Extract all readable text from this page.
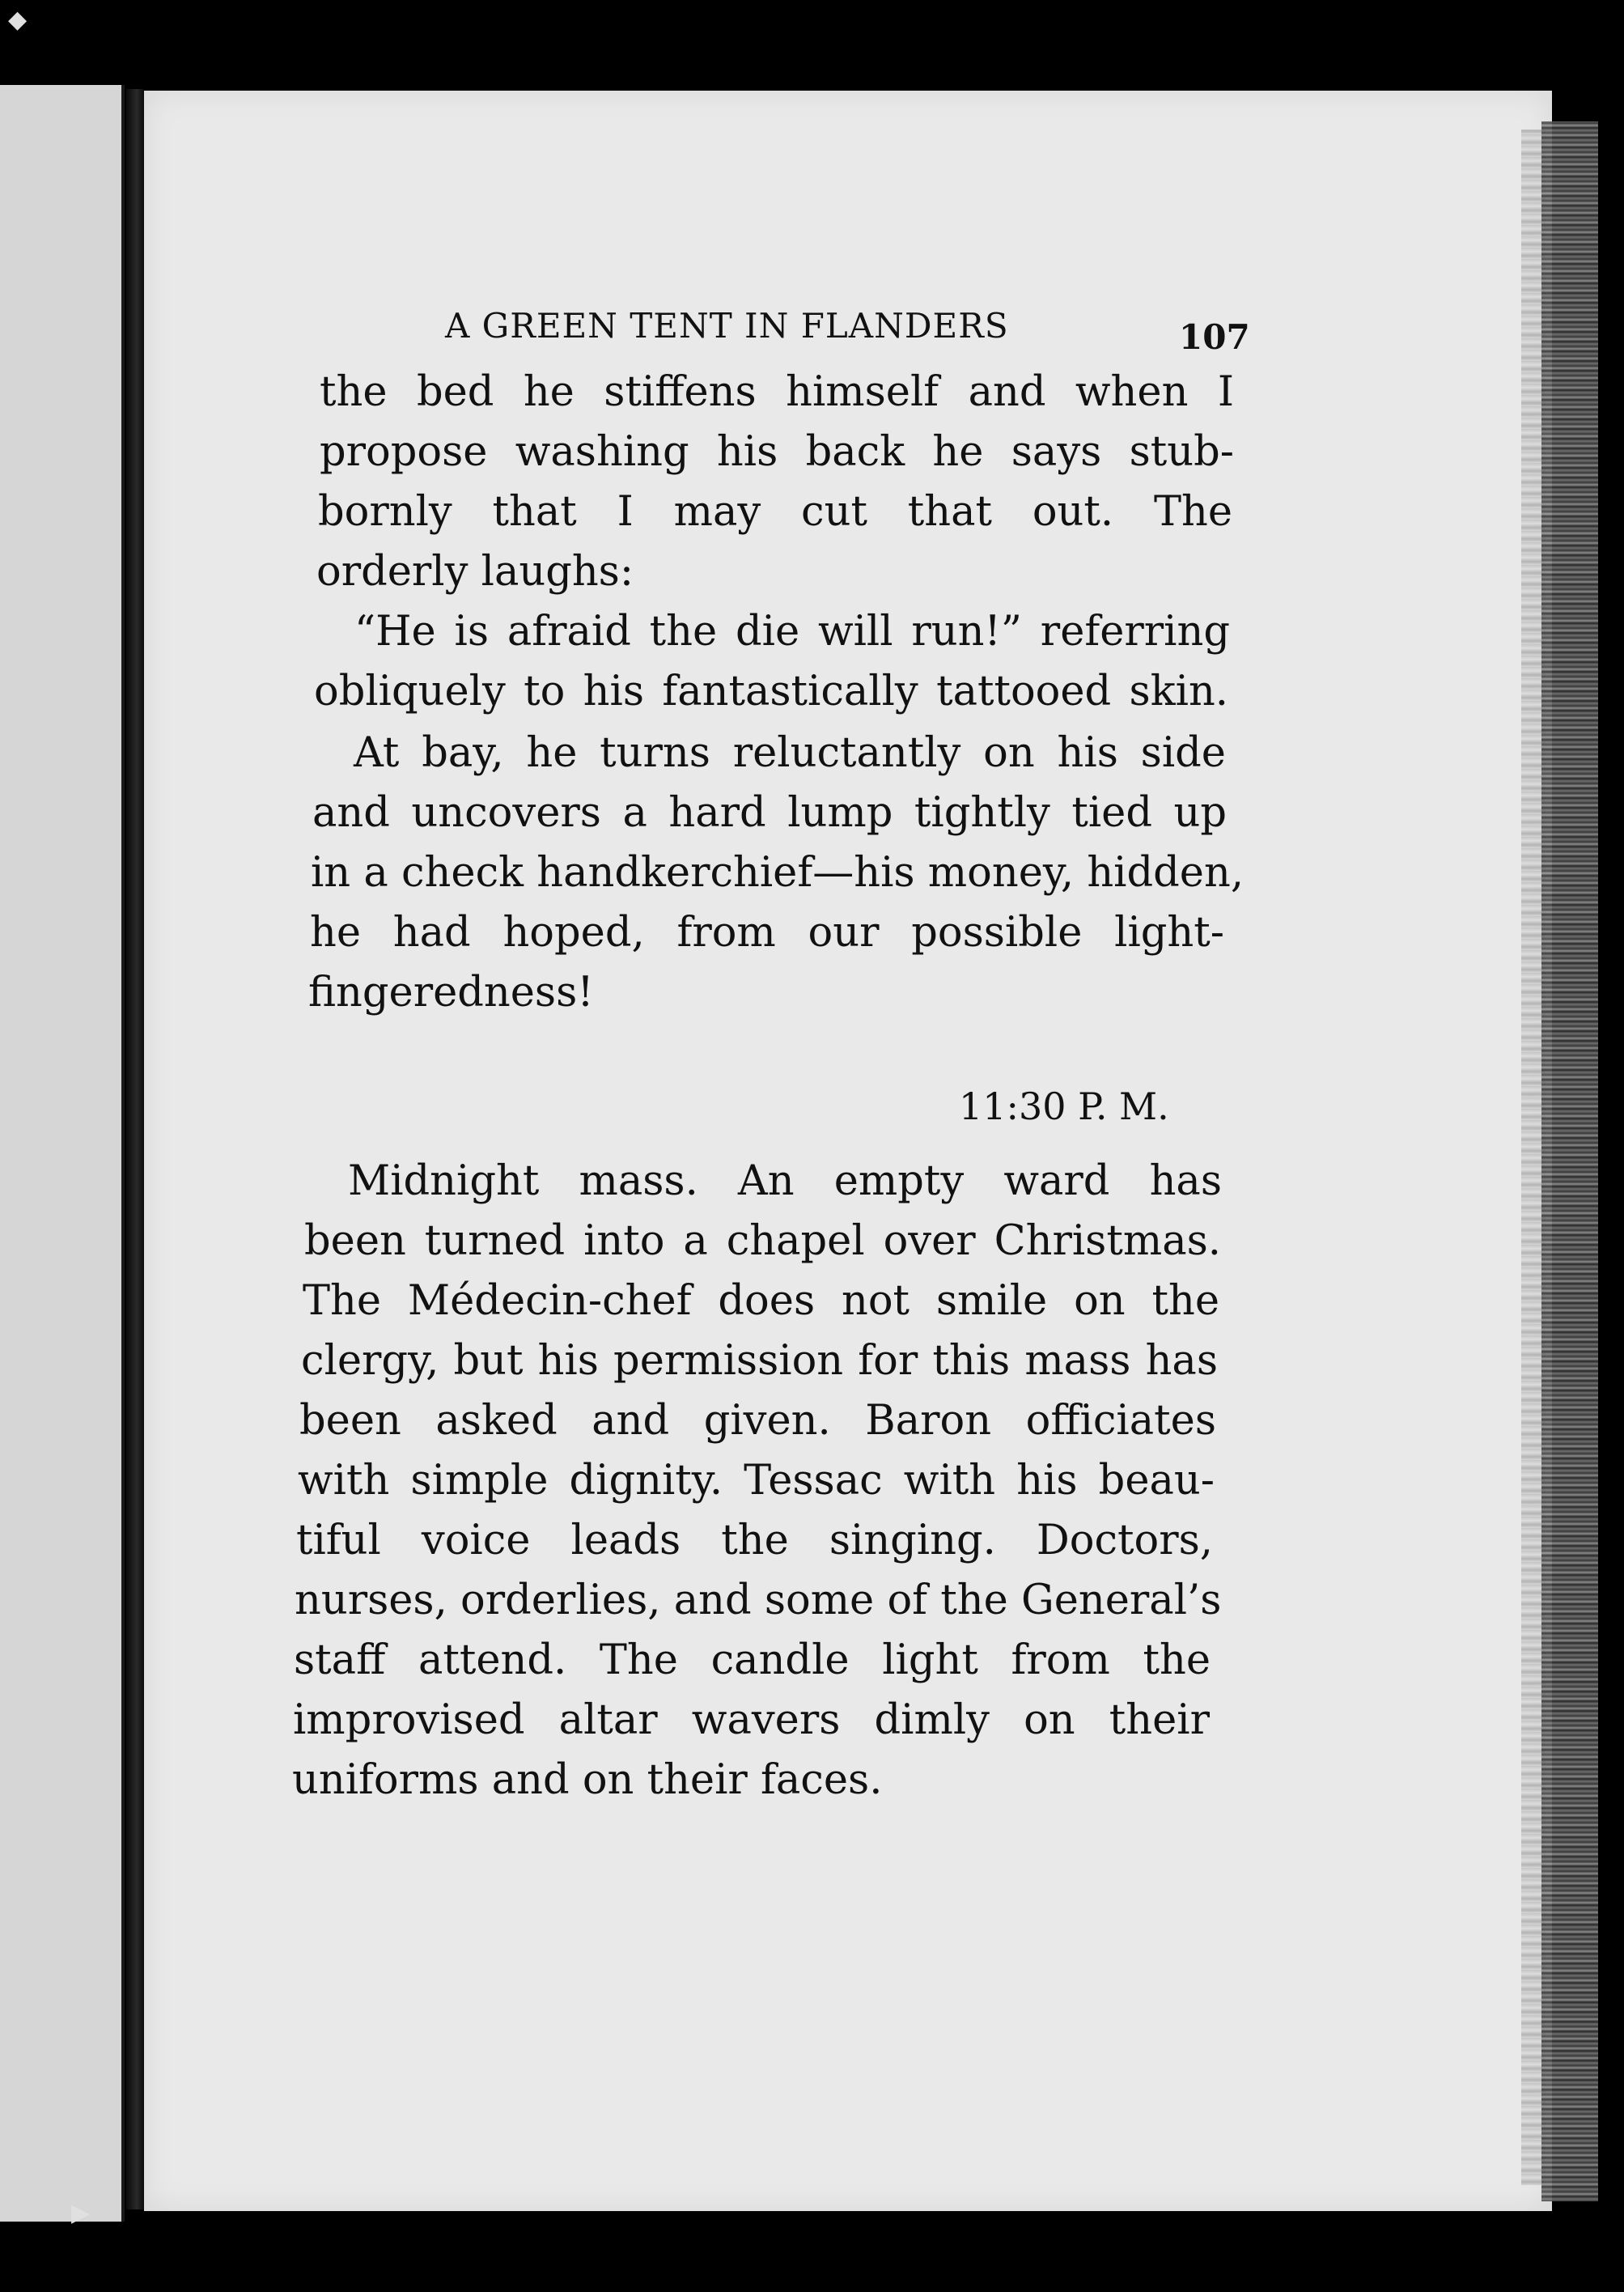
◆
▶
A GREEN TENT IN FLANDERS	107
the bed he stiffens himself and when I
propose washing his back he says stub-
bornly that I may cut that out. The
orderly laughs:
“He is afraid the die will run!” referring
obliquely to his fantastically tattooed skin.
At bay, he turns reluctantly on his side
and uncovers a hard lump tightly tied up
in a check handkerchief—his money, hidden,
he had hoped, from our possible light-
fingeredness!
11:30 P. M.
Midnight mass. An empty ward has
been turned into a chapel over Christmas.
The Médecin-chef does not smile on the
clergy, but his permission for this mass has
been asked and given. Baron officiates
with simple dignity. Tessac with his beau-
tiful voice leads the singing. Doctors,
nurses, orderlies, and some of the General’s
staff attend. The candle light from the
improvised altar wavers dimly on their
uniforms and on their faces.
